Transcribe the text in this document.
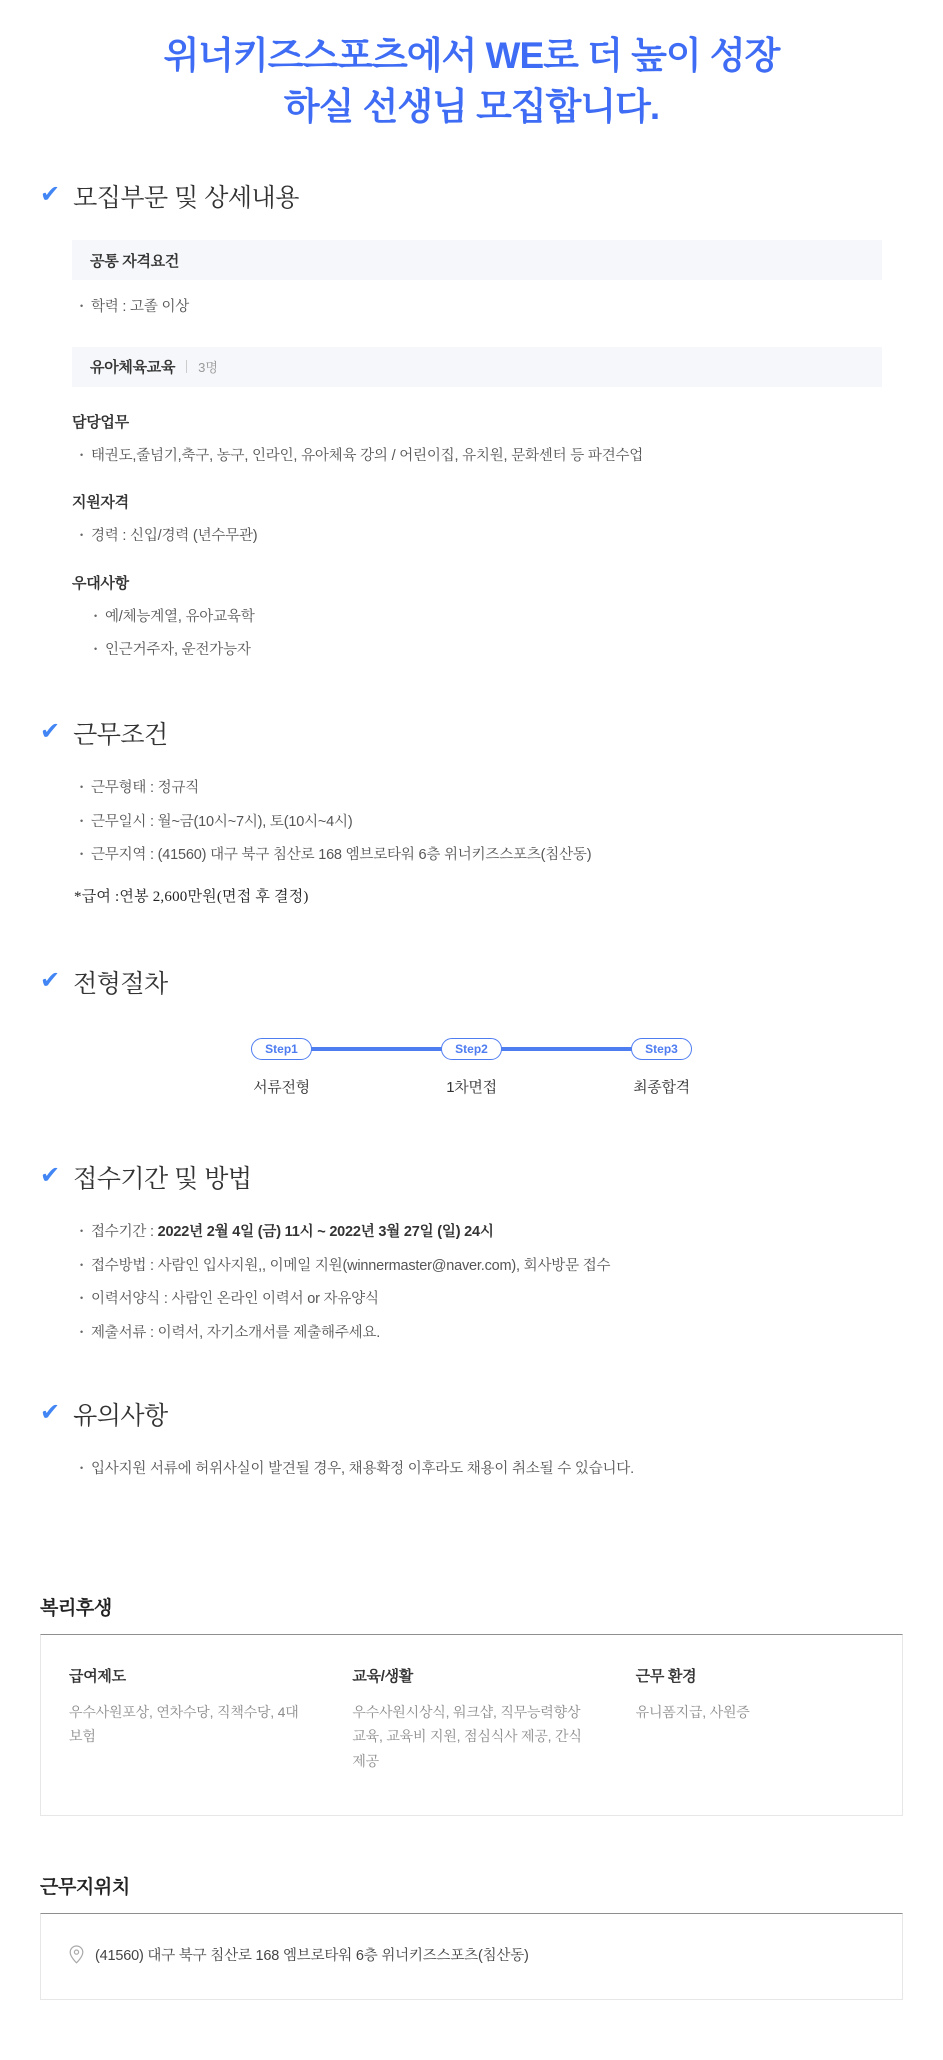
위너키즈스포츠에서 WE로 더 높이 성장
하실 선생님 모집합니다.
✔ 모집부문 및 상세내용
공통 자격요건
• 학력 : 고졸 이상
유아체육교육 3명
담당업무
• 태권도,줄넘기,축구, 농구, 인라인, 유아체육 강의 / 어린이집, 유치원, 문화센터 등 파견수업
지원자격
• 경력 : 신입/경력 (년수무관)
우대사항
• 예/체능계열, 유아교육학
• 인근거주자, 운전가능자
✔ 근무조건
• 근무형태 : 정규직
• 근무일시 : 월~금(10시~7시), 토(10시~4시)
• 근무지역 : (41560) 대구 북구 침산로 168 엠브로타워 6층 위너키즈스포츠(침산동)
*급여 :연봉 2,600만원(면접 후 결정)
✔ 전형절차
Step1
서류전형
Step2
1차면접
Step3
최종합격
✔ 접수기간 및 방법
• 접수기간 : 2022년 2월 4일 (금) 11시 ~ 2022년 3월 27일 (일) 24시
• 접수방법 : 사람인 입사지원,, 이메일 지원(winnermaster@naver.com), 회사방문 접수
• 이력서양식 : 사람인 온라인 이력서 or 자유양식
• 제출서류 : 이력서, 자기소개서를 제출해주세요.
✔ 유의사항
• 입사지원 서류에 허위사실이 발견될 경우, 채용확정 이후라도 채용이 취소될 수 있습니다.
복리후생
급여제도

우수사원포상, 연차수당, 직책수당, 4대 보험

교육/생활

우수사원시상식, 워크샵, 직무능력향상교육, 교육비 지원, 점심식사 제공, 간식 제공

근무 환경

유니폼지급, 사원증

근무지위치
(41560) 대구 북구 침산로 168 엠브로타워 6층 위너키즈스포츠(침산동)
